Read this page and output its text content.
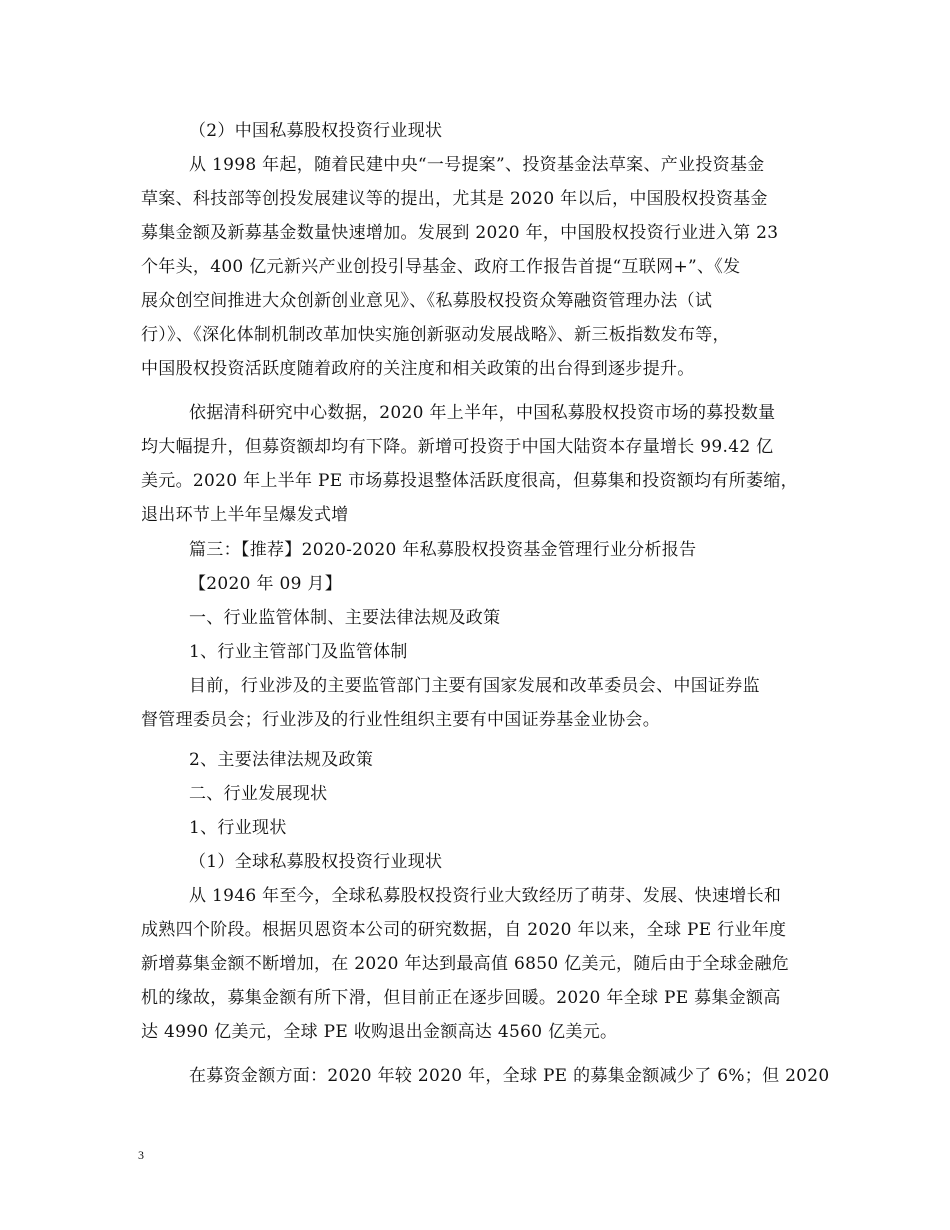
（2）中国私募股权投资行业现状
从 1998 年起，随着民建中央“一号提案”、投资基金法草案、产业投资基金
草案、科技部等创投发展建议等的提出，尤其是 2020 年以后，中国股权投资基金
募集金额及新募基金数量快速增加。发展到 2020 年，中国股权投资行业进入第 23
个年头，400 亿元新兴产业创投引导基金、政府工作报告首提“互联网+”、《发
展众创空间推进大众创新创业意见》、《私募股权投资众筹融资管理办法（试
行）》、《深化体制机制改革加快实施创新驱动发展战略》、新三板指数发布等，
中国股权投资活跃度随着政府的关注度和相关政策的出台得到逐步提升。
依据清科研究中心数据，2020 年上半年，中国私募股权投资市场的募投数量
均大幅提升，但募资额却均有下降。新增可投资于中国大陆资本存量增长 99.42 亿
美元。2020 年上半年 PE 市场募投退整体活跃度很高，但募集和投资额均有所萎缩，
退出环节上半年呈爆发式增
篇三：【推荐】2020-2020 年私募股权投资基金管理行业分析报告
【2020 年 09 月】
一、行业监管体制、主要法律法规及政策
1、行业主管部门及监管体制
目前，行业涉及的主要监管部门主要有国家发展和改革委员会、中国证券监
督管理委员会；行业涉及的行业性组织主要有中国证券基金业协会。
2、主要法律法规及政策
二、行业发展现状
1、行业现状
（1）全球私募股权投资行业现状
从 1946 年至今，全球私募股权投资行业大致经历了萌芽、发展、快速增长和
成熟四个阶段。根据贝恩资本公司的研究数据，自 2020 年以来，全球 PE 行业年度
新增募集金额不断增加，在 2020 年达到最高值 6850 亿美元，随后由于全球金融危
机的缘故，募集金额有所下滑，但目前正在逐步回暖。2020 年全球 PE 募集金额高
达 4990 亿美元，全球 PE 收购退出金额高达 4560 亿美元。
在募资金额方面：2020 年较 2020 年，全球 PE 的募集金额减少了 6%；但 2020
3
